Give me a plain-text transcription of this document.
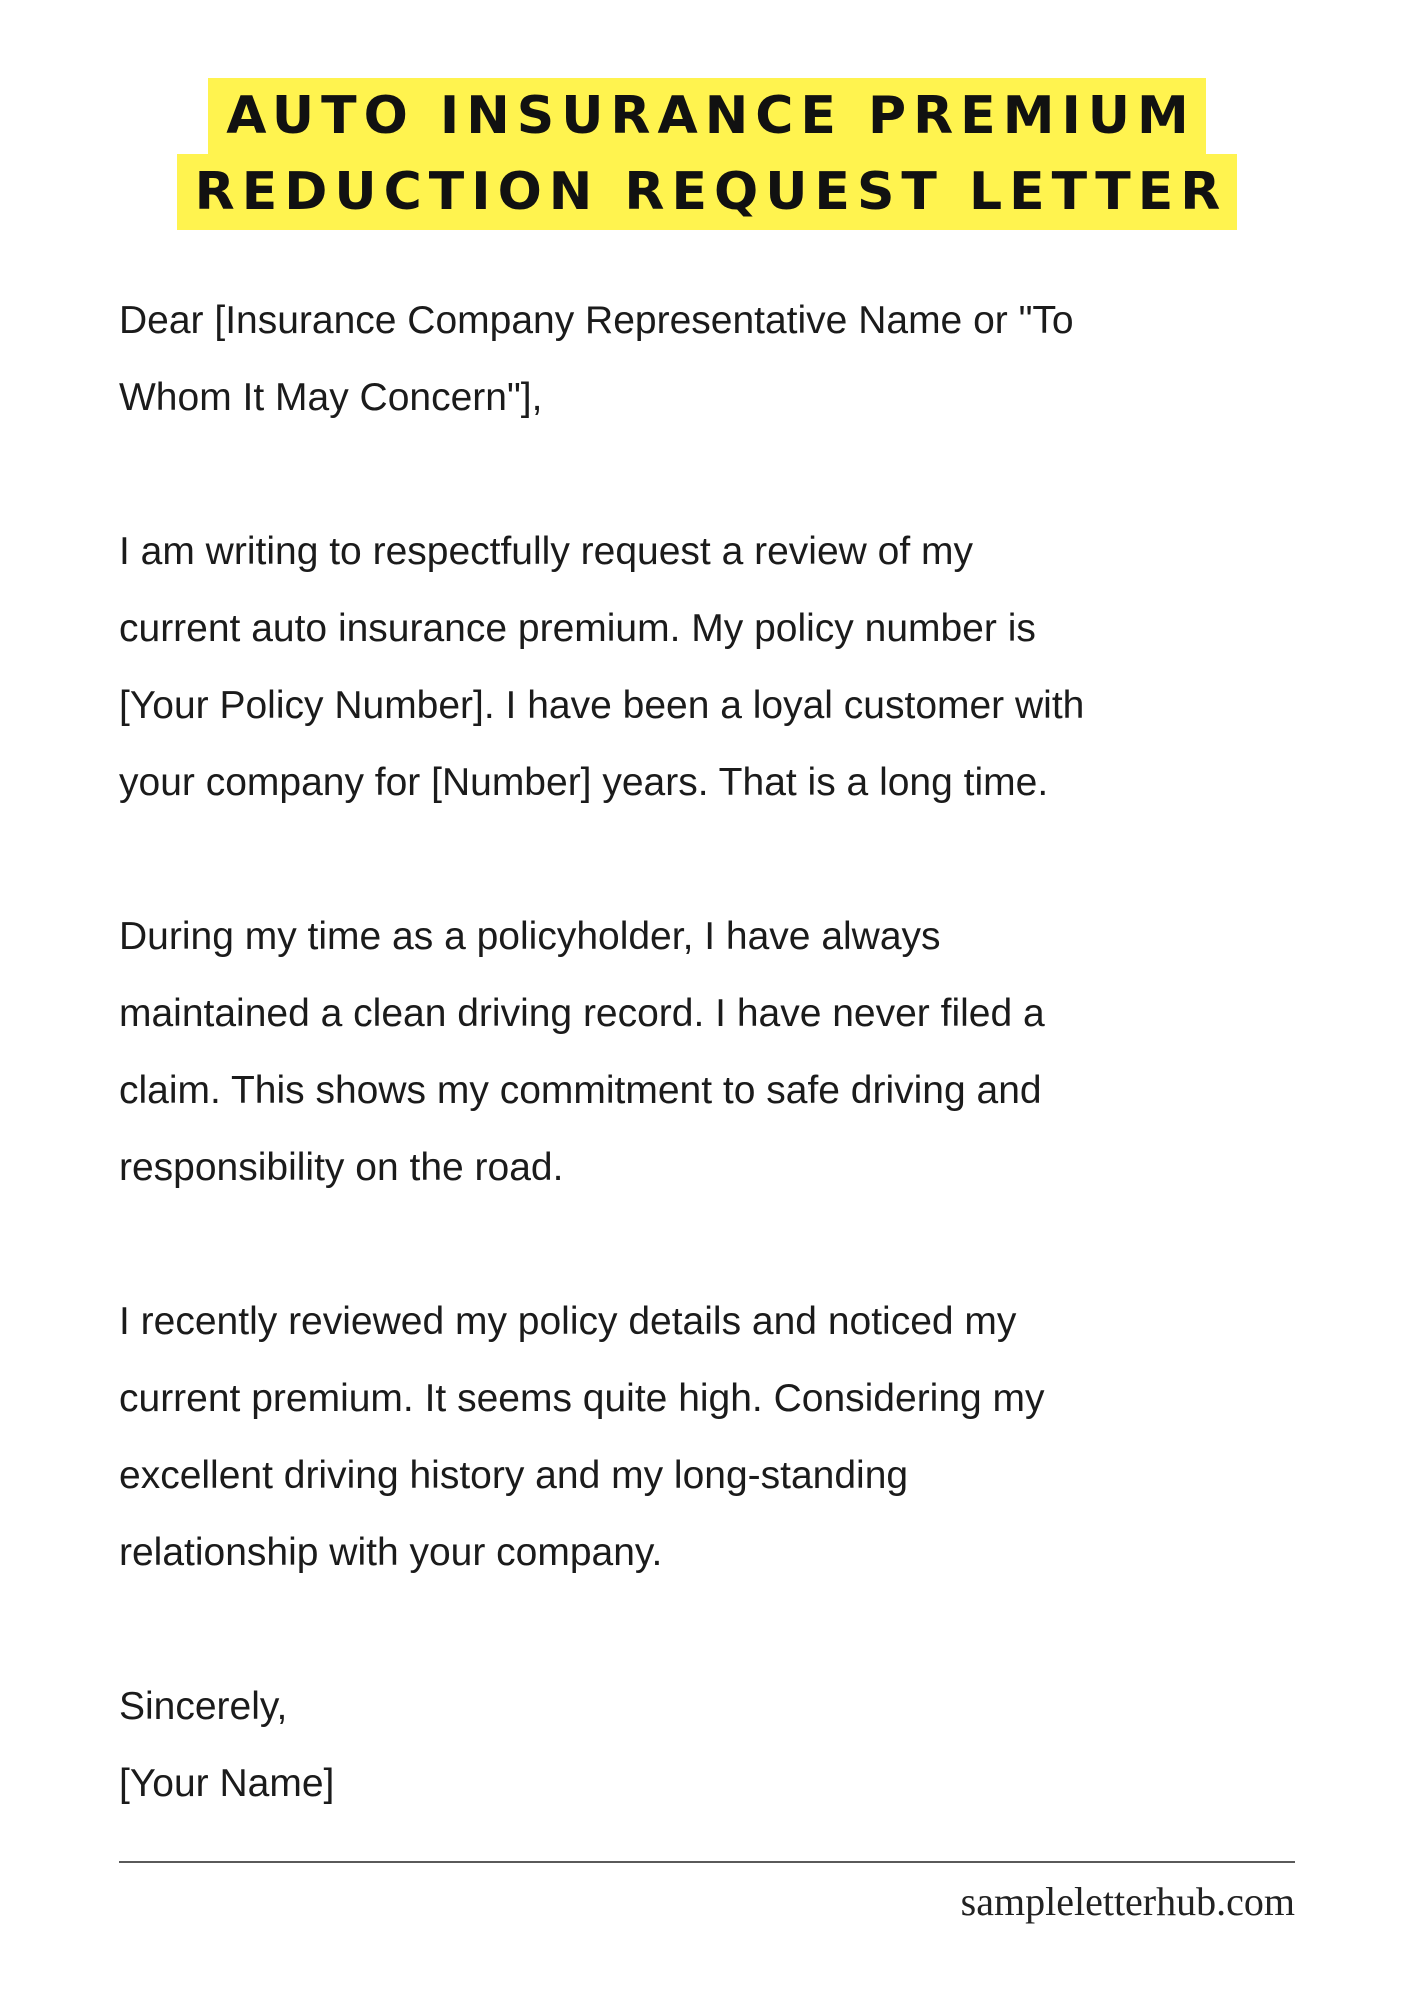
AUTO INSURANCE PREMIUM
REDUCTION REQUEST LETTER

Dear [Insurance Company Representative Name or "To
Whom It May Concern"],

I am writing to respectfully request a review of my
current auto insurance premium. My policy number is
[Your Policy Number]. I have been a loyal customer with
your company for [Number] years. That is a long time.

During my time as a policyholder, I have always
maintained a clean driving record. I have never filed a
claim. This shows my commitment to safe driving and
responsibility on the road.

I recently reviewed my policy details and noticed my
current premium. It seems quite high. Considering my
excellent driving history and my long-standing
relationship with your company.

Sincerely,
[Your Name]

sampleletterhub.com
